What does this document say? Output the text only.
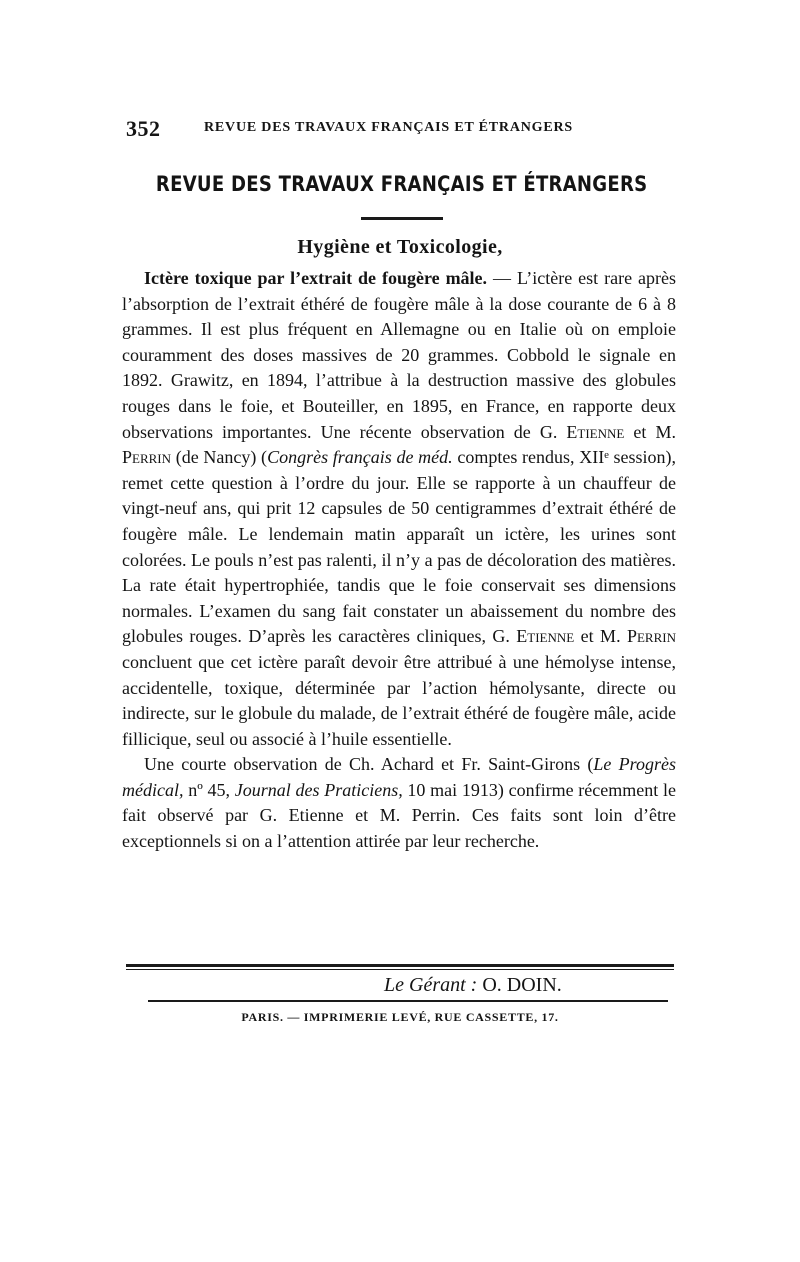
352	REVUE DES TRAVAUX FRANÇAIS ET ÉTRANGERS
REVUE DES TRAVAUX FRANÇAIS ET ÉTRANGERS
Hygiène et Toxicologie,

Ictère toxique par l’extrait de fougère mâle. — L’ictère est rare après l’absorption de l’extrait éthéré de fougère mâle à la dose courante de 6 à 8 grammes. Il est plus fréquent en Allemagne ou en Italie où on emploie couramment des doses massives de 20 grammes. Cobbold le signale en 1892. Grawitz, en 1894, l’attribue à la destruction massive des globules rouges dans le foie, et Bouteiller, en 1895, en France, en rapporte deux observations importantes. Une récente observation de G. Etienne et M. Perrin (de Nancy) (Congrès français de méd. comptes rendus, XIIᵉ session), remet cette question à l’ordre du jour. Elle se rapporte à un chauffeur de vingt-neuf ans, qui prit 12 capsules de 50 centigrammes d’extrait éthéré de fougère mâle. Le lendemain matin apparaît un ictère, les urines sont colorées. Le pouls n’est pas ralenti, il n’y a pas de décoloration des matières. La rate était hypertrophiée, tandis que le foie conservait ses dimensions normales. L’examen du sang fait constater un abaissement du nombre des globules rouges. D’après les caractères cliniques, G. Etienne et M. Perrin concluent que cet ictère paraît devoir être attribué à une hémolyse intense, accidentelle, toxique, déterminée par l’action hémolysante, directe ou indirecte, sur le globule du malade, de l’extrait éthéré de fougère mâle, acide fillicique, seul ou associé à l’huile essentielle.

Une courte observation de Ch. Achard et Fr. Saint-Girons (Le Progrès médical, nº 45, Journal des Praticiens, 10 mai 1913) confirme récemment le fait observé par G. Etienne et M. Perrin. Ces faits sont loin d’être exceptionnels si on a l’attention attirée par leur recherche.

Le Gérant : O. DOIN.
PARIS. — IMPRIMERIE LEVÉ, RUE CASSETTE, 17.
